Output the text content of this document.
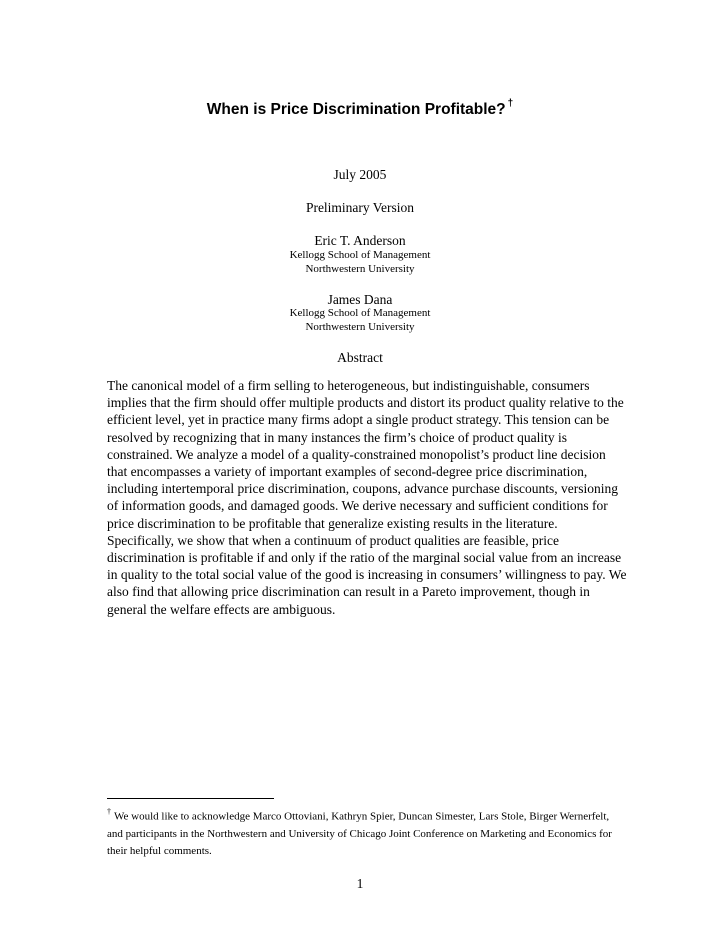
When is Price Discrimination Profitable? †
July 2005
Preliminary Version
Eric T. Anderson
Kellogg School of Management
Northwestern University
James Dana
Kellogg School of Management
Northwestern University
Abstract

The canonical model of a firm selling to heterogeneous, but indistinguishable, consumers implies that the firm should offer multiple products and distort its product quality relative to the efficient level, yet in practice many firms adopt a single product strategy. This tension can be resolved by recognizing that in many instances the firm’s choice of product quality is constrained. We analyze a model of a quality-constrained monopolist’s product line decision that encompasses a variety of important examples of second-degree price discrimination, including intertemporal price discrimination, coupons, advance purchase discounts, versioning of information goods, and damaged goods. We derive necessary and sufficient conditions for price discrimination to be profitable that generalize existing results in the literature. Specifically, we show that when a continuum of product qualities are feasible, price discrimination is profitable if and only if the ratio of the marginal social value from an increase in quality to the total social value of the good is increasing in consumers’ willingness to pay. We also find that allowing price discrimination can result in a Pareto improvement, though in general the welfare effects are ambiguous.

† We would like to acknowledge Marco Ottoviani, Kathryn Spier, Duncan Simester, Lars Stole, Birger Wernerfelt, and participants in the Northwestern and University of Chicago Joint Conference on Marketing and Economics for their helpful comments.

1
